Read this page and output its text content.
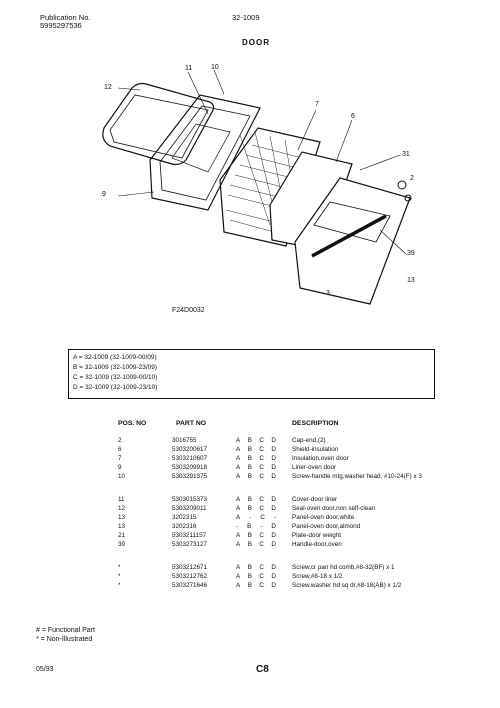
Publication No.
5995297536
32-1009
DOOR
11	10
12
7
6
31
2
9
39
13
3
F24D0032
A = 32-1009 (32-1009-00/09)
B = 32-1009 (32-1009-23/09)
C = 32-1009 (32-1009-00/10)
D = 32-1009 (32-1009-23/10)
POS. NO	PART NO	DESCRIPTION
2	3016755	A B C D	Cap-end,(2)
6	5303200617	A B C D	Shield-insulation
7	5303210607	A B C D	Insulation,oven door
9	5303209918	A B C D	Liner-oven door
10	5303291375	A B C D	Screw-handle mtg,washer head, #10-24(F) x 3
11	5303015373	A B C D	Cover-door liner
12	5303209011	A B C D	Seal-oven door,non self-clean
13	3202315	A - C -	Panel-oven door,white
13	3202316	- B - D	Panel-oven door,almond
21	5303211157	A B C D	Plate-door weight
39	5303273127	A B C D	Handle-door,oven
*	5303212671	A B C D	Screw,cr pan hd comb,#8-32(BF) x 1
*	5303212762	A B C D	Screw,#8-18 x 1/2
*	5303271646	A B C D	Screw,washer hd sq dr,#8-18(AB) x 1/2
# = Functional Part
* = Non-Illustrated
05/93	C8
